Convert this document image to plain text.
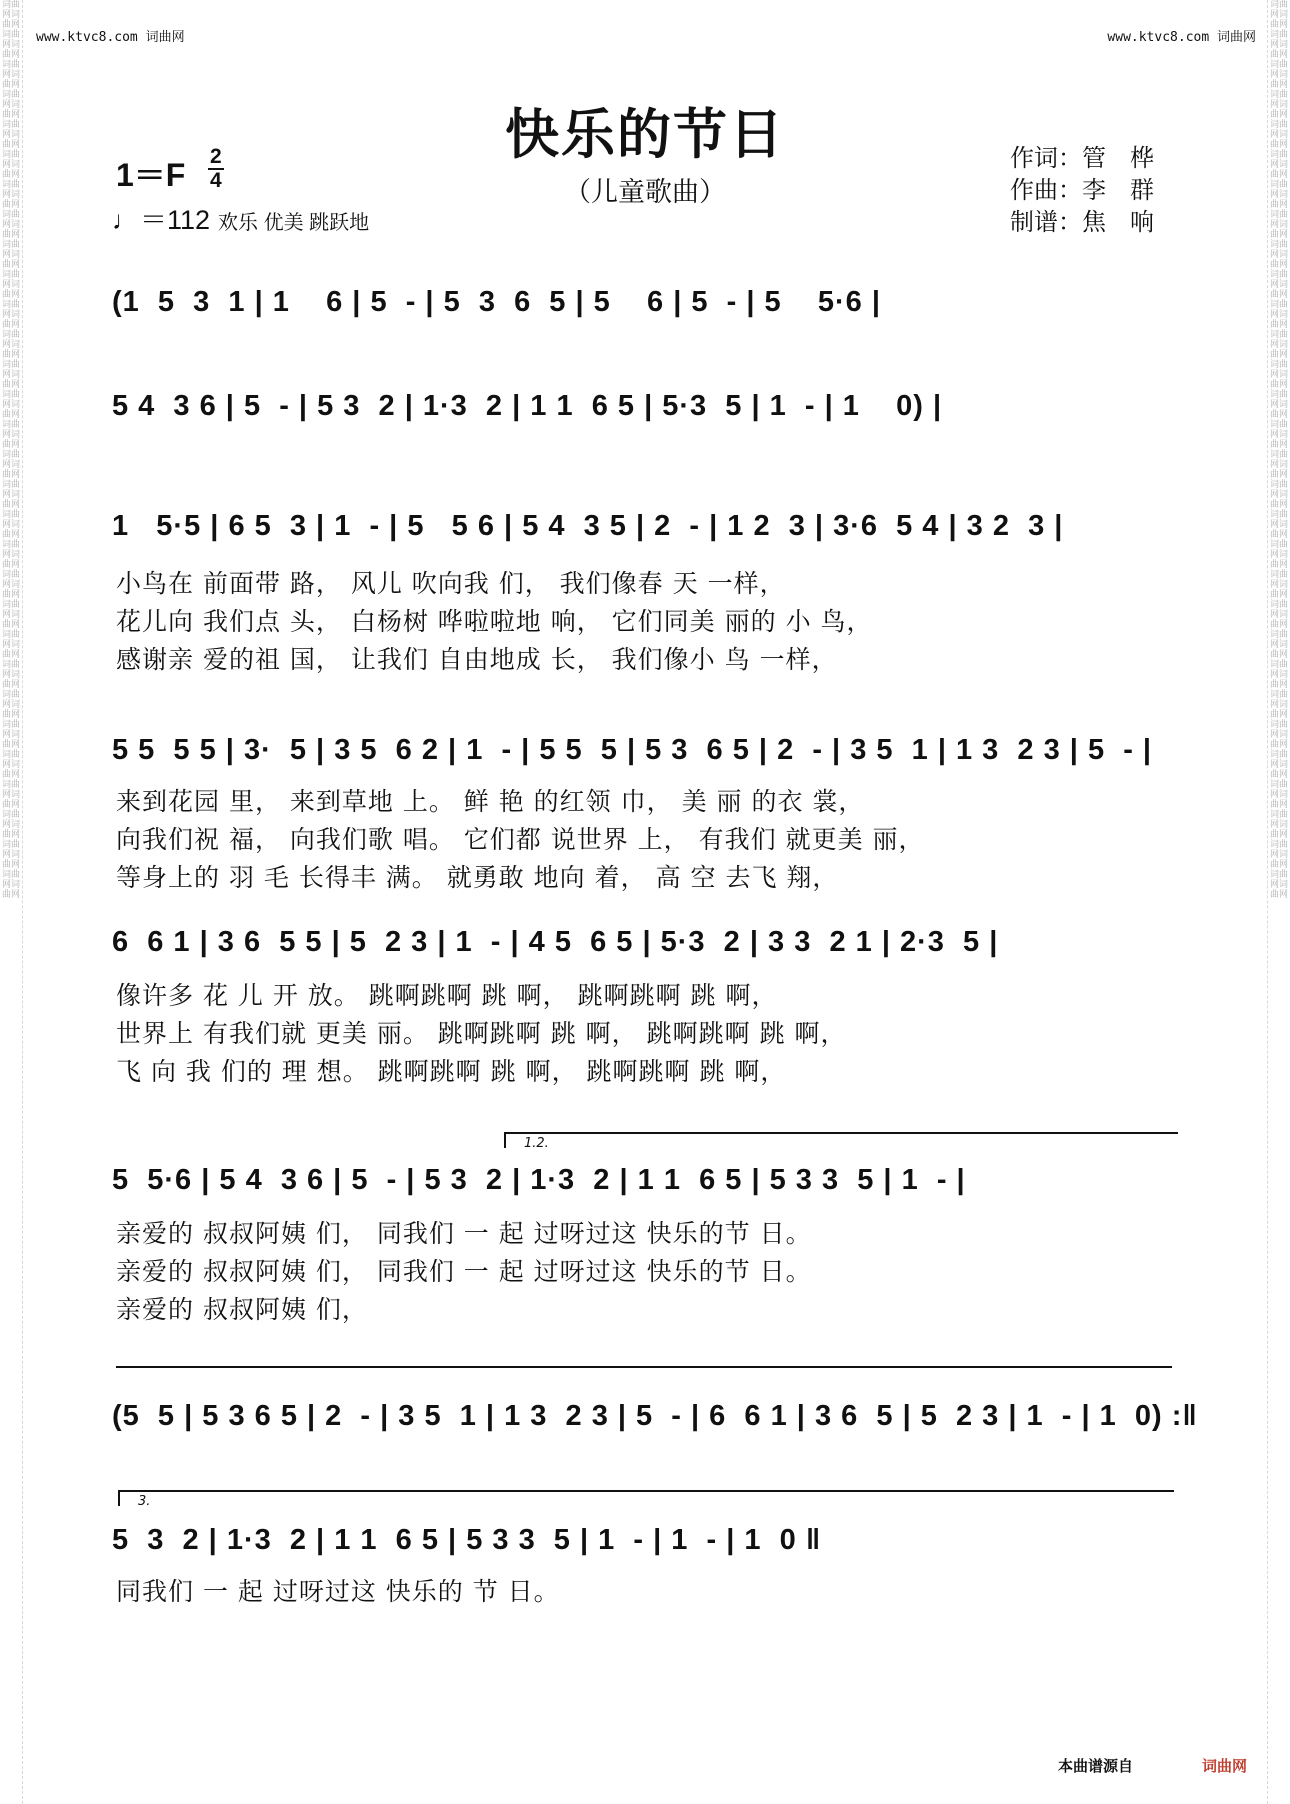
词曲网词曲网词曲网词曲网词曲网词曲网词曲网词曲网词曲网词曲网词曲网词曲网词曲网词曲网词曲网词曲网词曲网词曲网词曲网词曲网词曲网词曲网词曲网词曲网词曲网词曲网词曲网词曲网词曲网词曲网词曲网词曲网词曲网词曲网词曲网词曲网词曲网词曲网词曲网词曲网词曲网词曲网词曲网词曲网词曲网词曲网词曲网词曲网词曲网词曲网词曲网词曲网词曲网词曲网词曲网词曲网词曲网词曲网词曲网词曲网
词曲网词曲网词曲网词曲网词曲网词曲网词曲网词曲网词曲网词曲网词曲网词曲网词曲网词曲网词曲网词曲网词曲网词曲网词曲网词曲网词曲网词曲网词曲网词曲网词曲网词曲网词曲网词曲网词曲网词曲网词曲网词曲网词曲网词曲网词曲网词曲网词曲网词曲网词曲网词曲网词曲网词曲网词曲网词曲网词曲网词曲网词曲网词曲网词曲网词曲网词曲网词曲网词曲网词曲网词曲网词曲网词曲网词曲网词曲网词曲网
www.ktvc8.com 词曲网	www.ktvc8.com 词曲网
快乐的节日
（儿童歌曲）
$1=F \frac{2}{4}$
♩＝112 欢乐 优美 跳跃地
作词：管　桦
作曲：李　群
制谱：焦　响
(1  5  3  1 | 1    6 | 5  - | 5  3  6  5 | 5    6 | 5  - | 5    5·6 |
5 4  3 6 | 5  - | 5 3  2 | 1·3  2 | 1 1  6 5 | 5·3  5 | 1  - | 1    0) |
1   5·5 | 6 5  3 | 1  - | 5   5 6 | 5 4  3 5 | 2  - | 1 2  3 | 3·6  5 4 | 3 2  3 |
小鸟在 前面带 路， 风儿 吹向我 们， 我们像春 天 一样，
花儿向 我们点 头， 白杨树 哗啦啦地 响， 它们同美 丽的 小 鸟，
感谢亲 爱的祖 国， 让我们 自由地成 长， 我们像小 鸟 一样，
5 5  5 5 | 3·  5 | 3 5  6 2 | 1  - | 5 5  5 | 5 3  6 5 | 2  - | 3 5  1 | 1 3  2 3 | 5  - |
来到花园 里， 来到草地 上。 鲜 艳 的红领 巾， 美 丽 的衣 裳，
向我们祝 福， 向我们歌 唱。 它们都 说世界 上， 有我们 就更美 丽，
等身上的 羽 毛 长得丰 满。 就勇敢 地向 着， 高 空 去飞 翔，
6  6 1 | 3 6  5 5 | 5  2 3 | 1  - | 4 5  6 5 | 5·3  2 | 3 3  2 1 | 2·3  5 |
像许多 花 儿 开 放。 跳啊跳啊 跳 啊， 跳啊跳啊 跳 啊，
世界上 有我们就 更美 丽。 跳啊跳啊 跳 啊， 跳啊跳啊 跳 啊，
飞 向 我 们的 理 想。 跳啊跳啊 跳 啊， 跳啊跳啊 跳 啊，
1.2.
5  5·6 | 5 4  3 6 | 5  - | 5 3  2 | 1·3  2 | 1 1  6 5 | 5 3 3  5 | 1  - |
亲爱的 叔叔阿姨 们， 同我们 一 起 过呀过这 快乐的节 日。
亲爱的 叔叔阿姨 们， 同我们 一 起 过呀过这 快乐的节 日。
亲爱的 叔叔阿姨 们，
(5  5 | 5 3 6 5 | 2  - | 3 5  1 | 1 3  2 3 | 5  - | 6  6 1 | 3 6  5 | 5  2 3 | 1  - | 1  0) :‖
3.
5  3  2 | 1·3  2 | 1 1  6 5 | 5 3 3  5 | 1  - | 1  - | 1  0 ‖
同我们 一 起 过呀过这 快乐的 节 日。
本曲谱源自	词曲网
